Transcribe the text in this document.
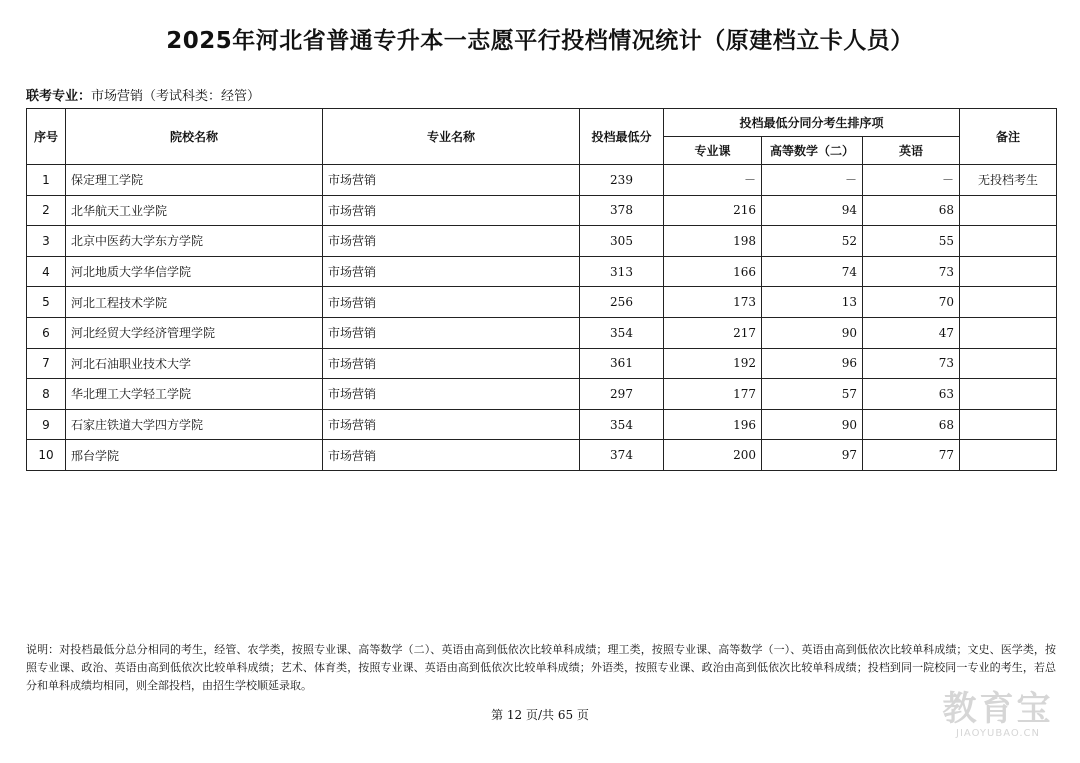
2025年河北省普通专升本一志愿平行投档情况统计（原建档立卡人员）
联考专业：市场营销（考试科类：经管）
序号	院校名称	专业名称	投档最低分	投档最低分同分考生排序项			备注
				专业课	高等数学（二）	英语	
1	保定理工学院	市场营销	239	－	－	－	无投档考生
2	北华航天工业学院	市场营销	378	216	94	68	
3	北京中医药大学东方学院	市场营销	305	198	52	55	
4	河北地质大学华信学院	市场营销	313	166	74	73	
5	河北工程技术学院	市场营销	256	173	13	70	
6	河北经贸大学经济管理学院	市场营销	354	217	90	47	
7	河北石油职业技术大学	市场营销	361	192	96	73	
8	华北理工大学轻工学院	市场营销	297	177	57	63	
9	石家庄铁道大学四方学院	市场营销	354	196	90	68	
10	邢台学院	市场营销	374	200	97	77	
说明：对投档最低分总分相同的考生，经管、农学类，按照专业课、高等数学（二）、英语由高到低依次比较单科成绩；理工类，按照专业课、高等数学（一）、英语由高到低依次比较单科成绩；文史、医学类，按照专业课、政治、英语由高到低依次比较单科成绩；艺术、体育类，按照专业课、英语由高到低依次比较单科成绩；外语类，按照专业课、政治由高到低依次比较单科成绩；投档到同一院校同一专业的考生，若总分和单科成绩均相同，则全部投档，由招生学校顺延录取。
第 12 页/共 65 页	教育宝
JIAOYUBAO.CN
